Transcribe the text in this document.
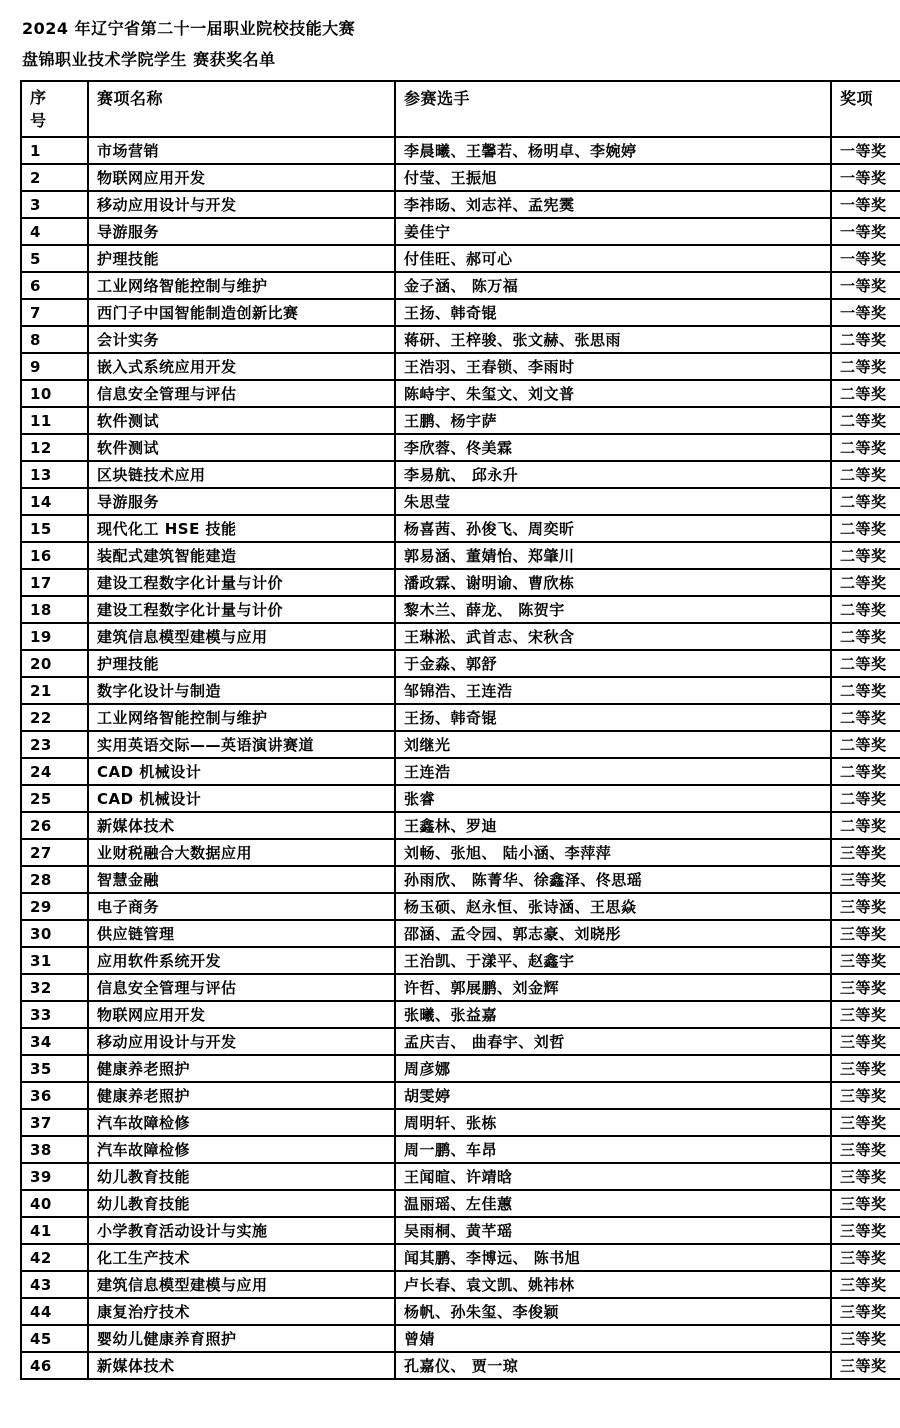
2024 年辽宁省第二十一届职业院校技能大赛
盘锦职业技术学院学生 赛获奖名单
序号	赛项名称	参赛选手	奖项
1	市场营销	李晨曦、王馨若、杨明卓、李婉婷	一等奖
2	物联网应用开发	付莹、王振旭	一等奖
3	移动应用设计与开发	李祎旸、刘志祥、孟宪霙	一等奖
4	导游服务	姜佳宁	一等奖
5	护理技能	付佳旺、郝可心	一等奖
6	工业网络智能控制与维护	金子涵、 陈万福	一等奖
7	西门子中国智能制造创新比赛	王扬、韩奇锟	一等奖
8	会计实务	蒋研、王梓骏、张文赫、张思雨	二等奖
9	嵌入式系统应用开发	王浩羽、王春锁、李雨时	二等奖
10	信息安全管理与评估	陈峙宇、朱玺文、刘文普	二等奖
11	软件测试	王鹏、杨宇萨	二等奖
12	软件测试	李欣蓉、佟美霖	二等奖
13	区块链技术应用	李易航、 邱永升	二等奖
14	导游服务	朱思莹	二等奖
15	现代化工 HSE 技能	杨喜茜、孙俊飞、周奕昕	二等奖
16	装配式建筑智能建造	郭易涵、董婧怡、郑肇川	二等奖
17	建设工程数字化计量与计价	潘政霖、谢明谕、曹欣栋	二等奖
18	建设工程数字化计量与计价	黎木兰、薛龙、 陈贺宇	二等奖
19	建筑信息模型建模与应用	王琳淞、武首志、宋秋含	二等奖
20	护理技能	于金淼、郭舒	二等奖
21	数字化设计与制造	邹锦浩、王连浩	二等奖
22	工业网络智能控制与维护	王扬、韩奇锟	二等奖
23	实用英语交际——英语演讲赛道	刘继光	二等奖
24	CAD 机械设计	王连浩	二等奖
25	CAD 机械设计	张睿	二等奖
26	新媒体技术	王鑫林、罗迪	二等奖
27	业财税融合大数据应用	刘畅、张旭、 陆小涵、李萍萍	三等奖
28	智慧金融	孙雨欣、 陈菁华、徐鑫泽、佟思瑶	三等奖
29	电子商务	杨玉硕、赵永恒、张诗涵、王思焱	三等奖
30	供应链管理	邵涵、孟令园、郭志豪、刘晓彤	三等奖
31	应用软件系统开发	王治凯、于漾平、赵鑫宇	三等奖
32	信息安全管理与评估	许哲、郭展鹏、刘金辉	三等奖
33	物联网应用开发	张曦、张益嘉	三等奖
34	移动应用设计与开发	孟庆吉、 曲春宇、刘哲	三等奖
35	健康养老照护	周彦娜	三等奖
36	健康养老照护	胡雯婷	三等奖
37	汽车故障检修	周明轩、张栋	三等奖
38	汽车故障检修	周一鹏、车昂	三等奖
39	幼儿教育技能	王闻暄、许靖晗	三等奖
40	幼儿教育技能	温丽瑶、左佳蕙	三等奖
41	小学教育活动设计与实施	吴雨桐、黄芊瑶	三等奖
42	化工生产技术	闻其鹏、李博远、 陈书旭	三等奖
43	建筑信息模型建模与应用	卢长春、袁文凯、姚祎林	三等奖
44	康复治疗技术	杨帆、孙朱玺、李俊颖	三等奖
45	婴幼儿健康养育照护	曾婧	三等奖
46	新媒体技术	孔嘉仪、 贾一琼	三等奖
